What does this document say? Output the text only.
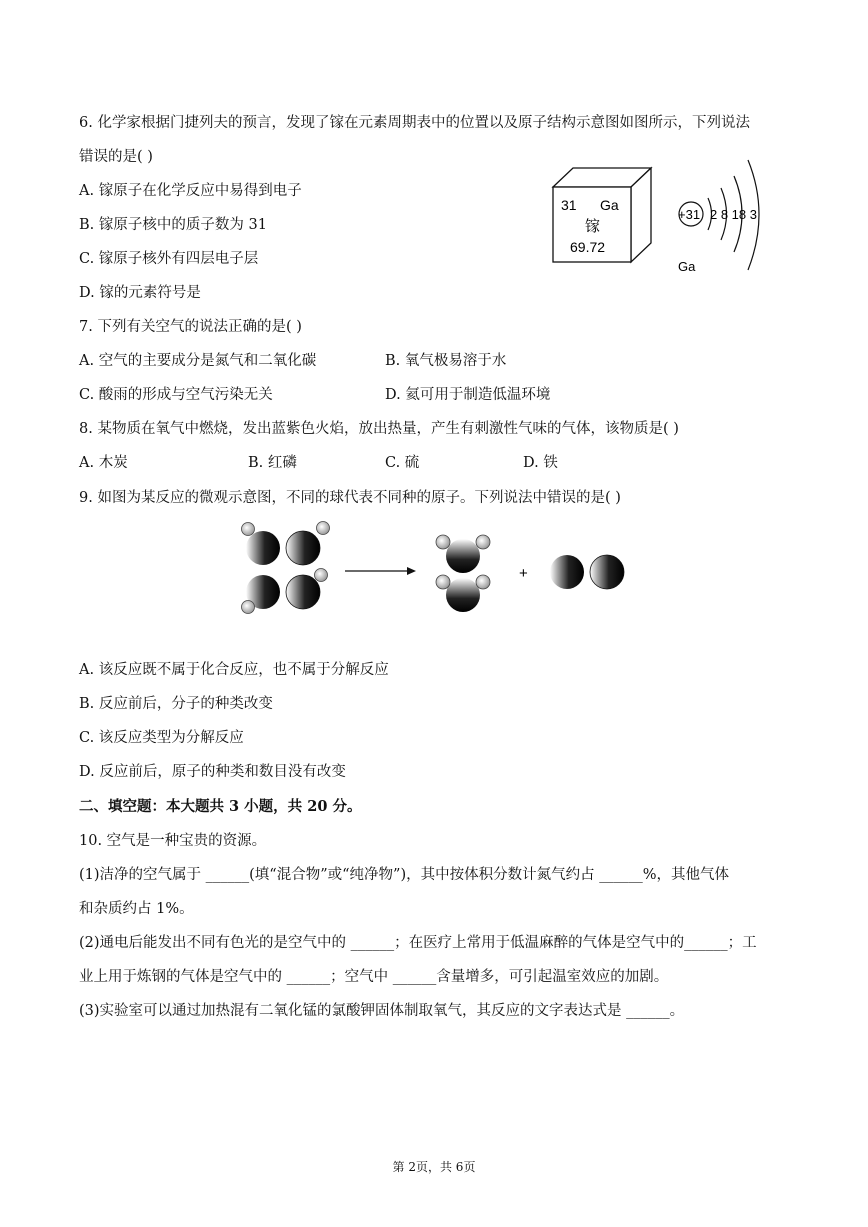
6. 化学家根据门捷列夫的预言，发现了镓在元素周期表中的位置以及原子结构示意图如图所示，下列说法
错误的是( )
A. 镓原子在化学反应中易得到电子
B. 镓原子核中的质子数为 31
C. 镓原子核外有四层电子层
D. 镓的元素符号是
31 Ga
镓
69.72
+31 2 8 18 3
Ga
7. 下列有关空气的说法正确的是( )
A. 空气的主要成分是氮气和二氧化碳	B. 氧气极易溶于水
C. 酸雨的形成与空气污染无关	D. 氦可用于制造低温环境
8. 某物质在氧气中燃烧，发出蓝紫色火焰，放出热量，产生有刺激性气味的气体，该物质是( )
A. 木炭	B. 红磷	C. 硫	D. 铁
9. 如图为某反应的微观示意图，不同的球代表不同种的原子。下列说法中错误的是( )
+
A. 该反应既不属于化合反应，也不属于分解反应
B. 反应前后，分子的种类改变
C. 该反应类型为分解反应
D. 反应前后，原子的种类和数目没有改变
二、填空题：本大题共 3 小题，共 20 分。
10. 空气是一种宝贵的资源。
(1)洁净的空气属于 ______(填“混合物”或“纯净物”)，其中按体积分数计氮气约占 ______%，其他气体
和杂质约占 1%。
(2)通电后能发出不同有色光的是空气中的 ______；在医疗上常用于低温麻醉的气体是空气中的______；工
业上用于炼钢的气体是空气中的 ______；空气中 ______含量增多，可引起温室效应的加剧。
(3)实验室可以通过加热混有二氧化锰的氯酸钾固体制取氧气，其反应的文字表达式是 ______。
第 2页，共 6页
